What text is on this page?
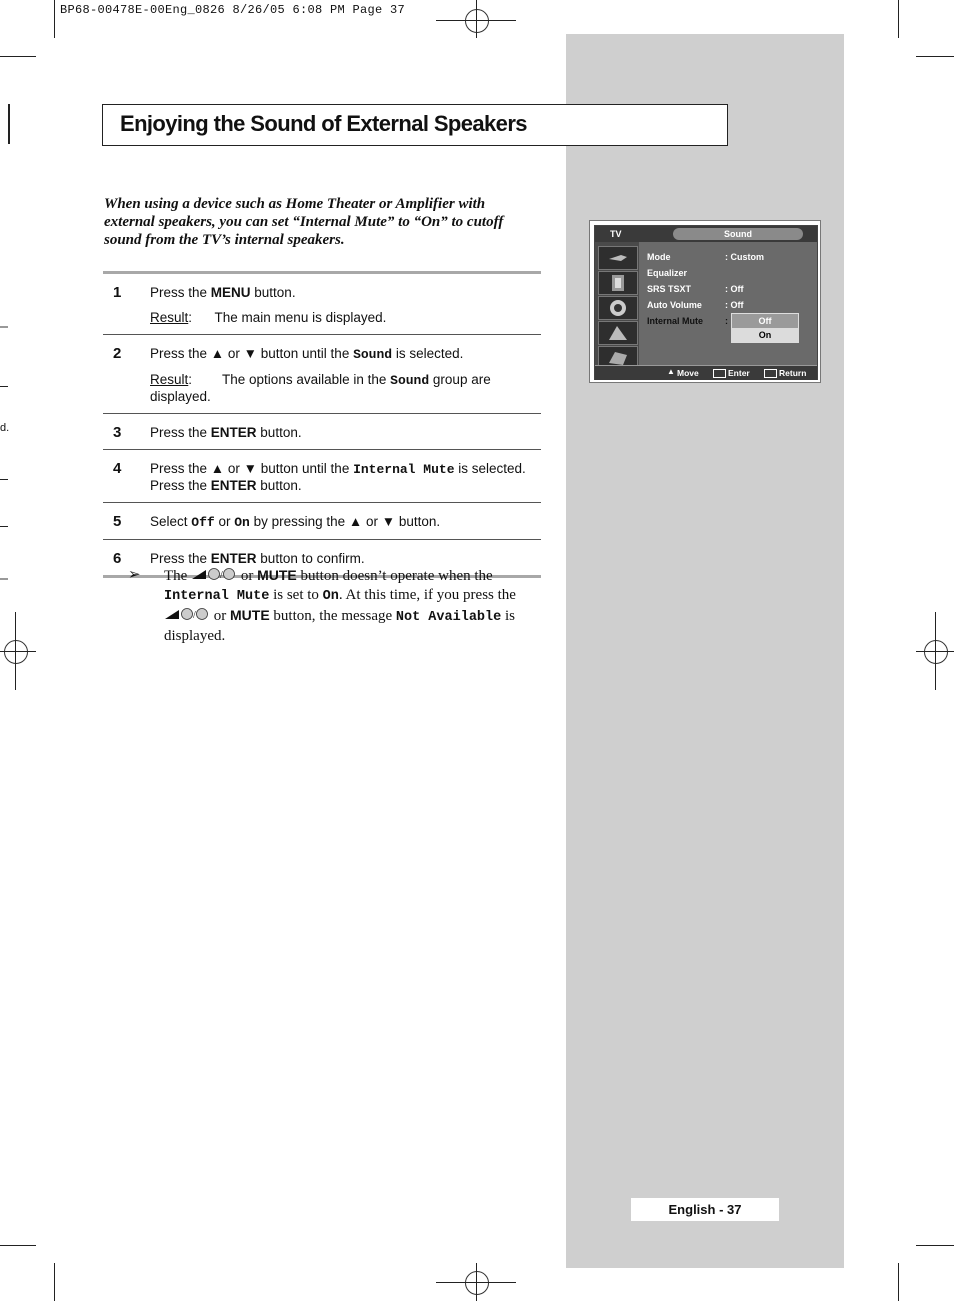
d.
BP68-00478E-00Eng_0826 8/26/05 6:08 PM Page 37
Enjoying the Sound of External Speakers
When using a device such as Home Theater or Amplifier with external speakers, you can set “Internal Mute” to “On” to cutoff sound from the TV’s internal speakers.
1 Press the MENU button.
Result:      The main menu is displayed.
2 Press the ▲ or ▼ button until the Sound is selected.
Result:        The options available in the Sound group are displayed.
3 Press the ENTER button.
4 Press the ▲ or ▼ button until the Internal Mute is selected.
Press the ENTER button.
5 Select Off or On by pressing the ▲ or ▼ button.
6 Press the ENTER button to confirm.
➢ The	/ or MUTE button doesn’t operate when the Internal Mute is set to On. At this time, if you press the
/ or MUTE button, the message Not Available is displayed.
TV	Sound
Mode	: Custom
Equalizer
SRS TSXT	: Off
Auto Volume	: Off
Internal Mute :	Off
On
▲ Move	Enter	Return
English - 37
